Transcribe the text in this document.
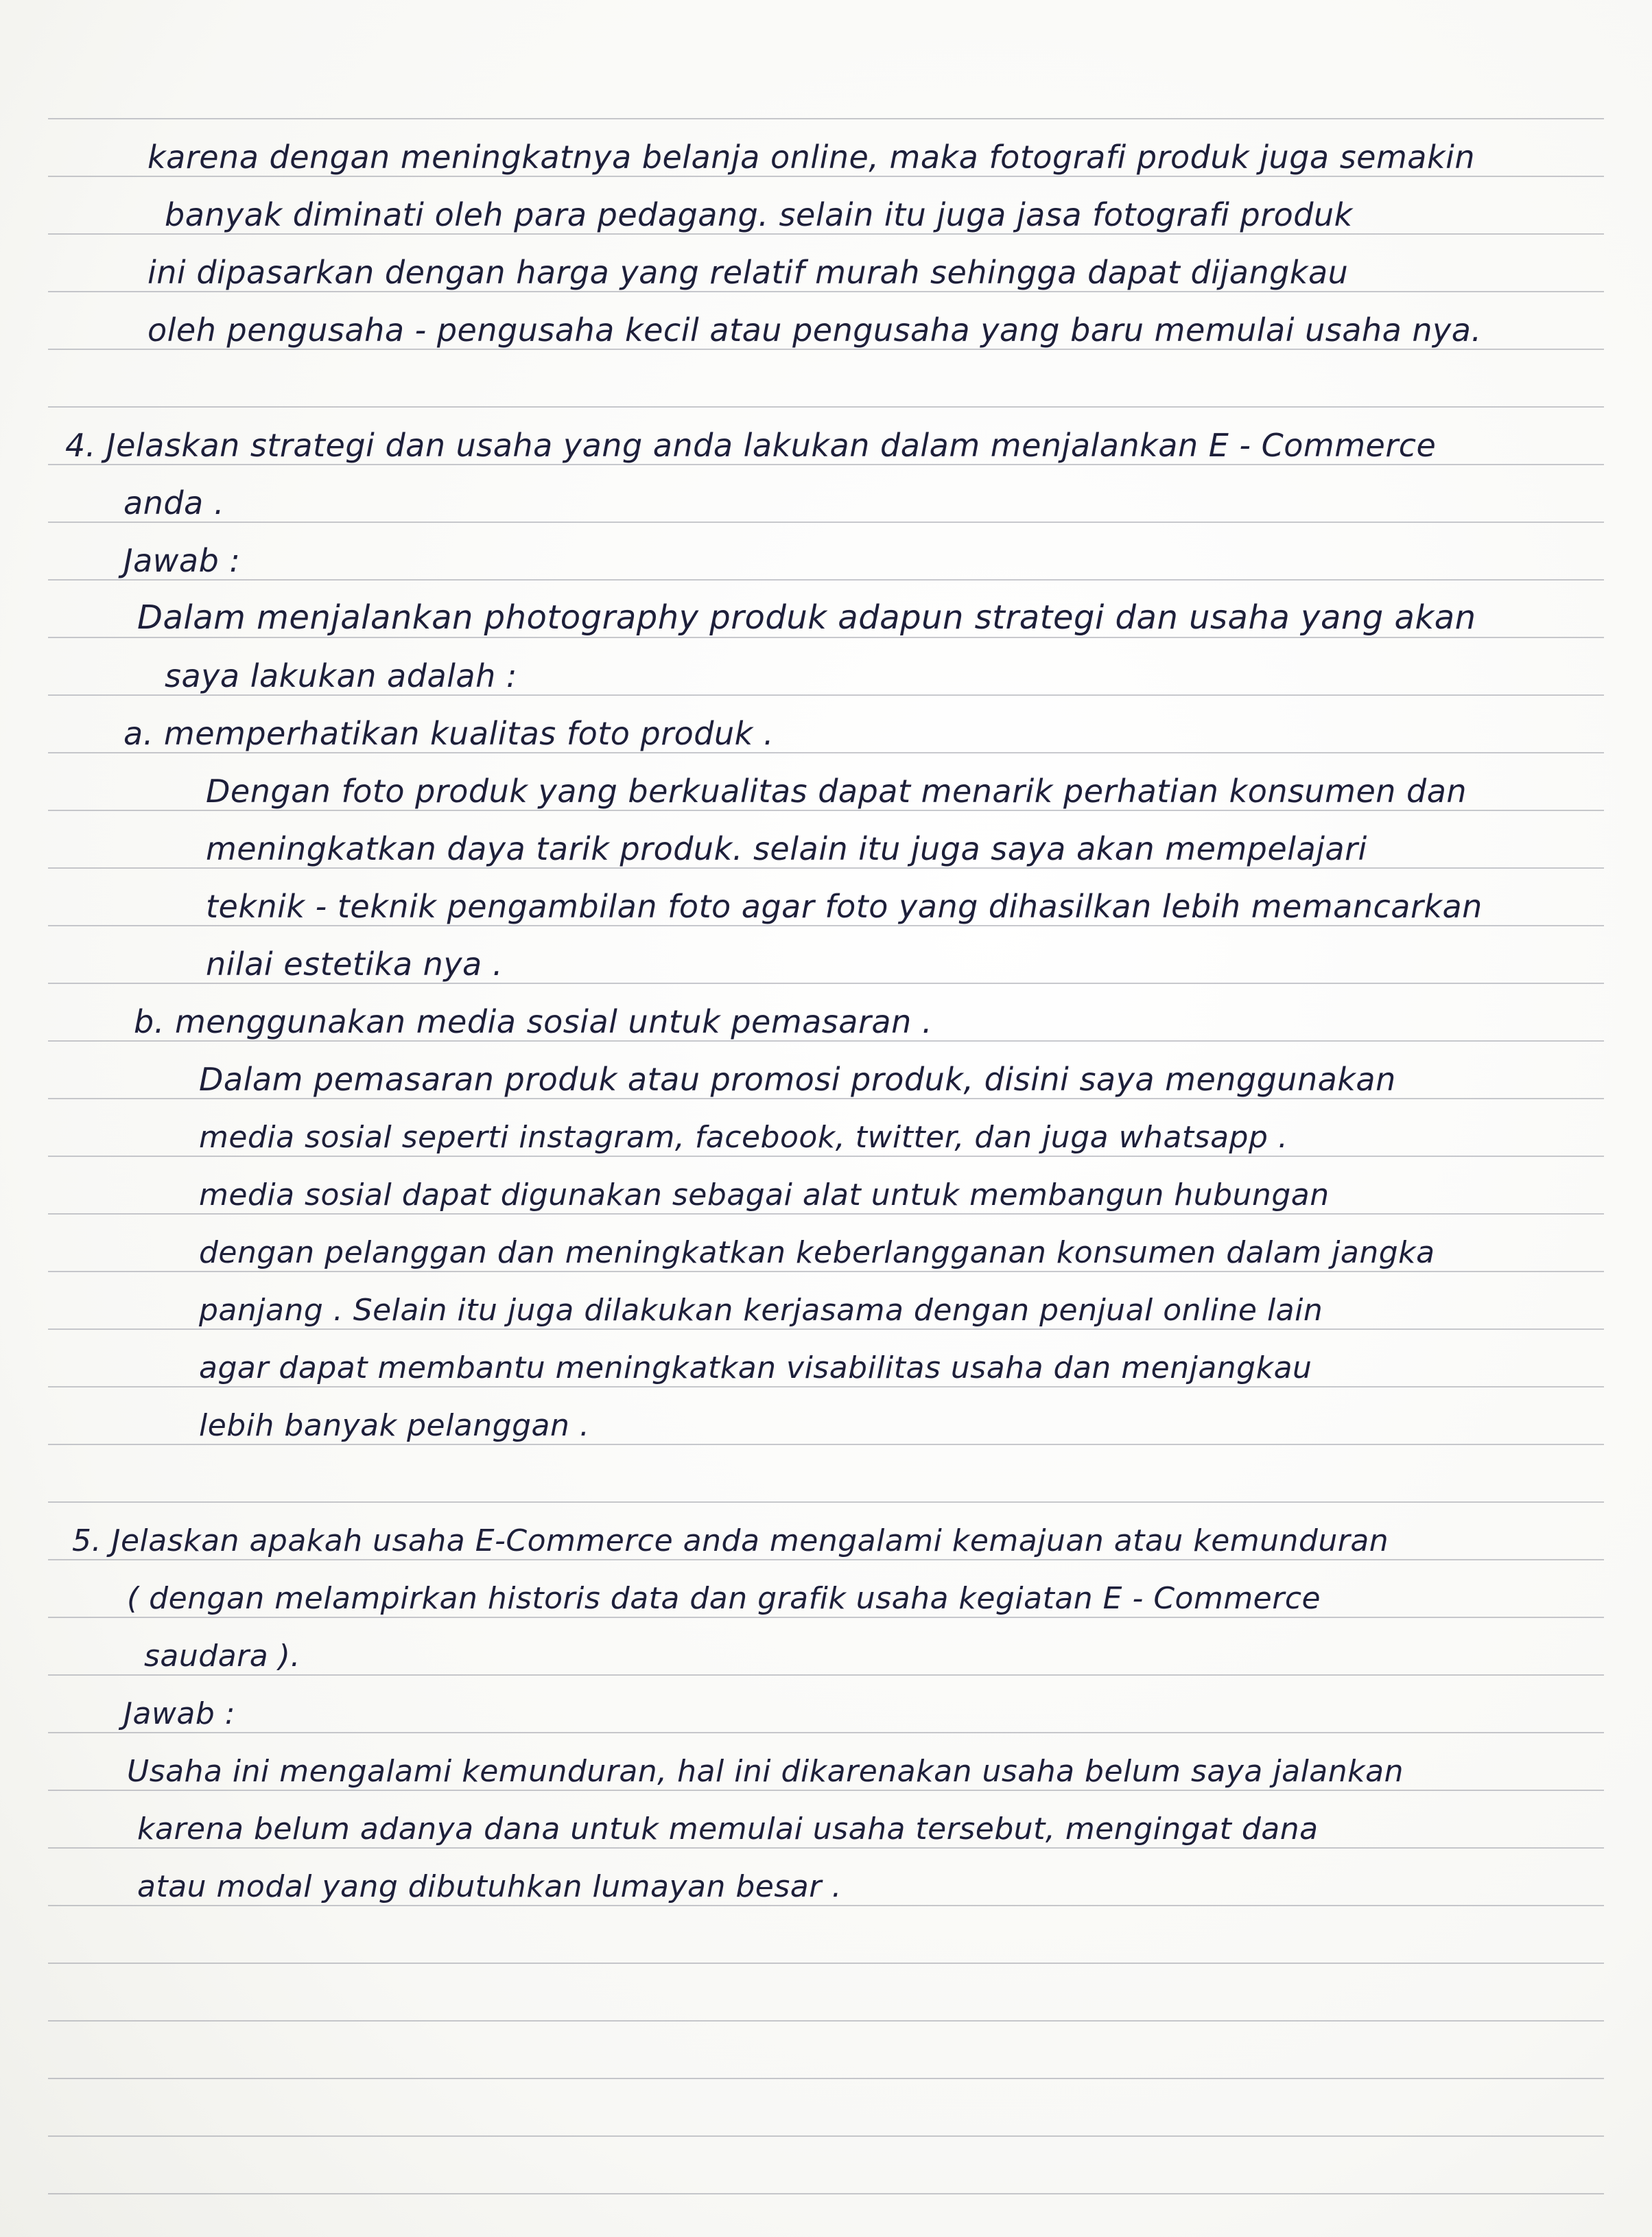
karena dengan meningkatnya belanja online, maka fotografi produk juga semakin
banyak diminati oleh para pedagang. selain itu juga jasa fotografi produk
ini dipasarkan dengan harga yang relatif murah sehingga dapat dijangkau
oleh pengusaha - pengusaha kecil atau pengusaha yang baru memulai usaha nya.
4. Jelaskan strategi dan usaha yang anda lakukan dalam menjalankan E - Commerce
anda .
Jawab :
Dalam menjalankan photography produk adapun strategi dan usaha yang akan
saya lakukan adalah :
a. memperhatikan kualitas foto produk .
Dengan foto produk yang berkualitas dapat menarik perhatian konsumen dan
meningkatkan daya tarik produk. selain itu juga saya akan mempelajari
teknik - teknik pengambilan foto agar foto yang dihasilkan lebih memancarkan
nilai estetika nya .
b. menggunakan media sosial untuk pemasaran .
Dalam pemasaran produk atau promosi produk, disini saya menggunakan
media sosial seperti instagram, facebook, twitter, dan juga whatsapp .
media sosial dapat digunakan sebagai alat untuk membangun hubungan
dengan pelanggan dan meningkatkan keberlangganan konsumen dalam jangka
panjang . Selain itu juga dilakukan kerjasama dengan penjual online lain
agar dapat membantu meningkatkan visabilitas usaha dan menjangkau
lebih banyak pelanggan .
5. Jelaskan apakah usaha E-Commerce anda mengalami kemajuan atau kemunduran
( dengan melampirkan historis data dan grafik usaha kegiatan E - Commerce
saudara ).
Jawab :
Usaha ini mengalami kemunduran, hal ini dikarenakan usaha belum saya jalankan
karena belum adanya dana untuk memulai usaha tersebut, mengingat dana
atau modal yang dibutuhkan lumayan besar .
